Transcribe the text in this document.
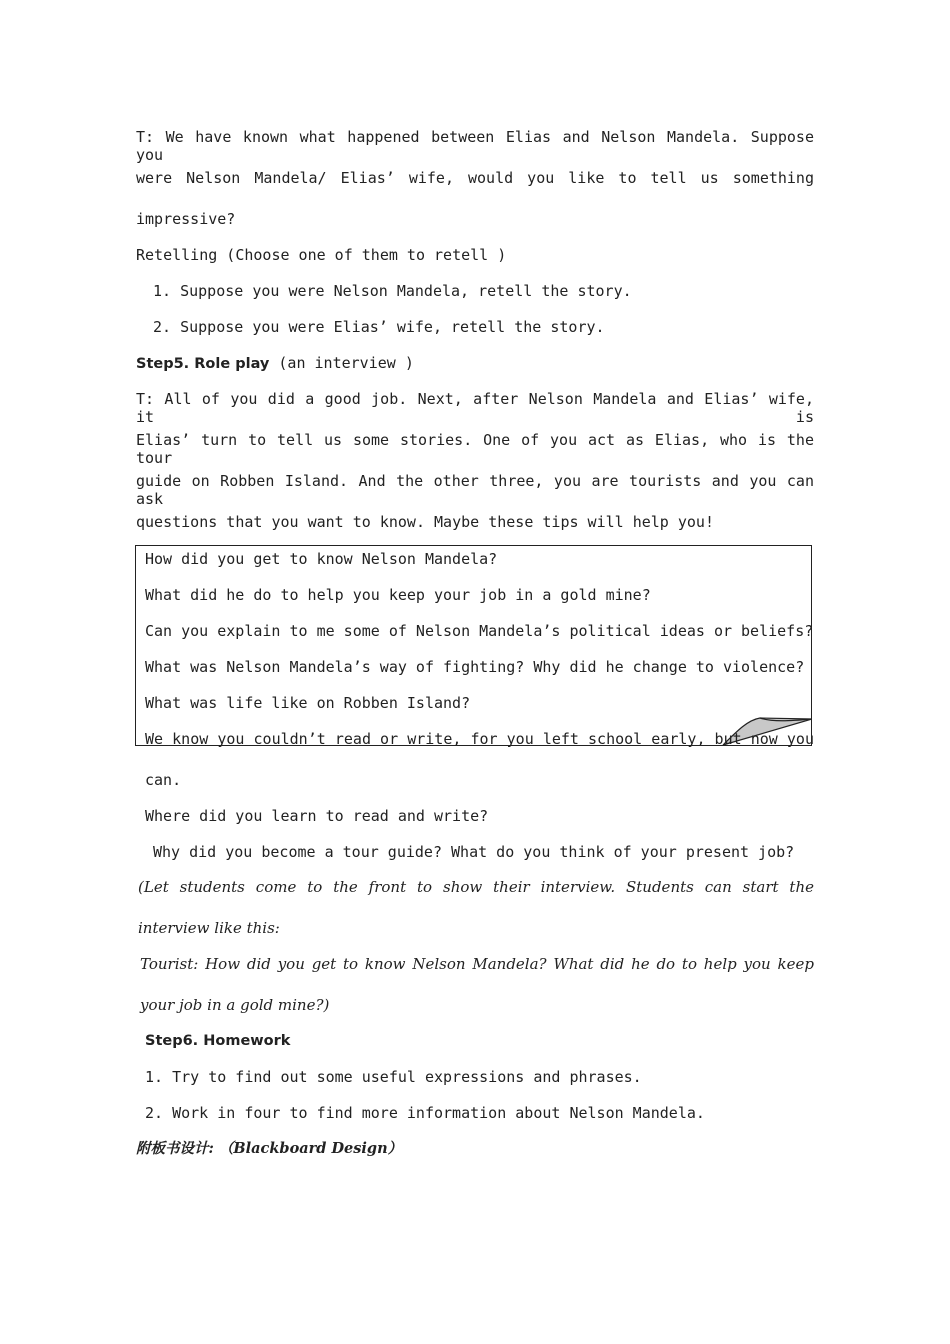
T: We have known what happened between Elias and Nelson Mandela. Suppose you
were Nelson Mandela/ Elias’ wife, would you like to tell us something
impressive?
Retelling (Choose one of them to retell )
1. Suppose you were Nelson Mandela, retell the story.
2. Suppose you were Elias’ wife, retell the story.
Step5. Role play (an interview )
T: All of you did a good job. Next, after Nelson Mandela and Elias’ wife, it is
Elias’ turn to tell us some stories. One of you act as Elias, who is the tour
guide on Robben Island. And the other three, you are tourists and you can ask
questions that you want to know. Maybe these tips will help you!
How did you get to know Nelson Mandela?
What did he do to help you keep your job in a gold mine?
Can you explain to me some of Nelson Mandela’s political ideas or beliefs?
What was Nelson Mandela’s way of fighting? Why did he change to violence?
What was life like on Robben Island?
We know you couldn’t read or write, for you left school early, but now you
can.
Where did you learn to read and write?
Why did you become a tour guide? What do you think of your present job?
(Let students come to the front to show their interview. Students can start the
interview like this:
Tourist: How did you get to know Nelson Mandela? What did he do to help you keep
your job in a gold mine?)
Step6. Homework
1. Try to find out some useful expressions and phrases.
2. Work in four to find more information about Nelson Mandela.
附板书设计: （Blackboard Design）
